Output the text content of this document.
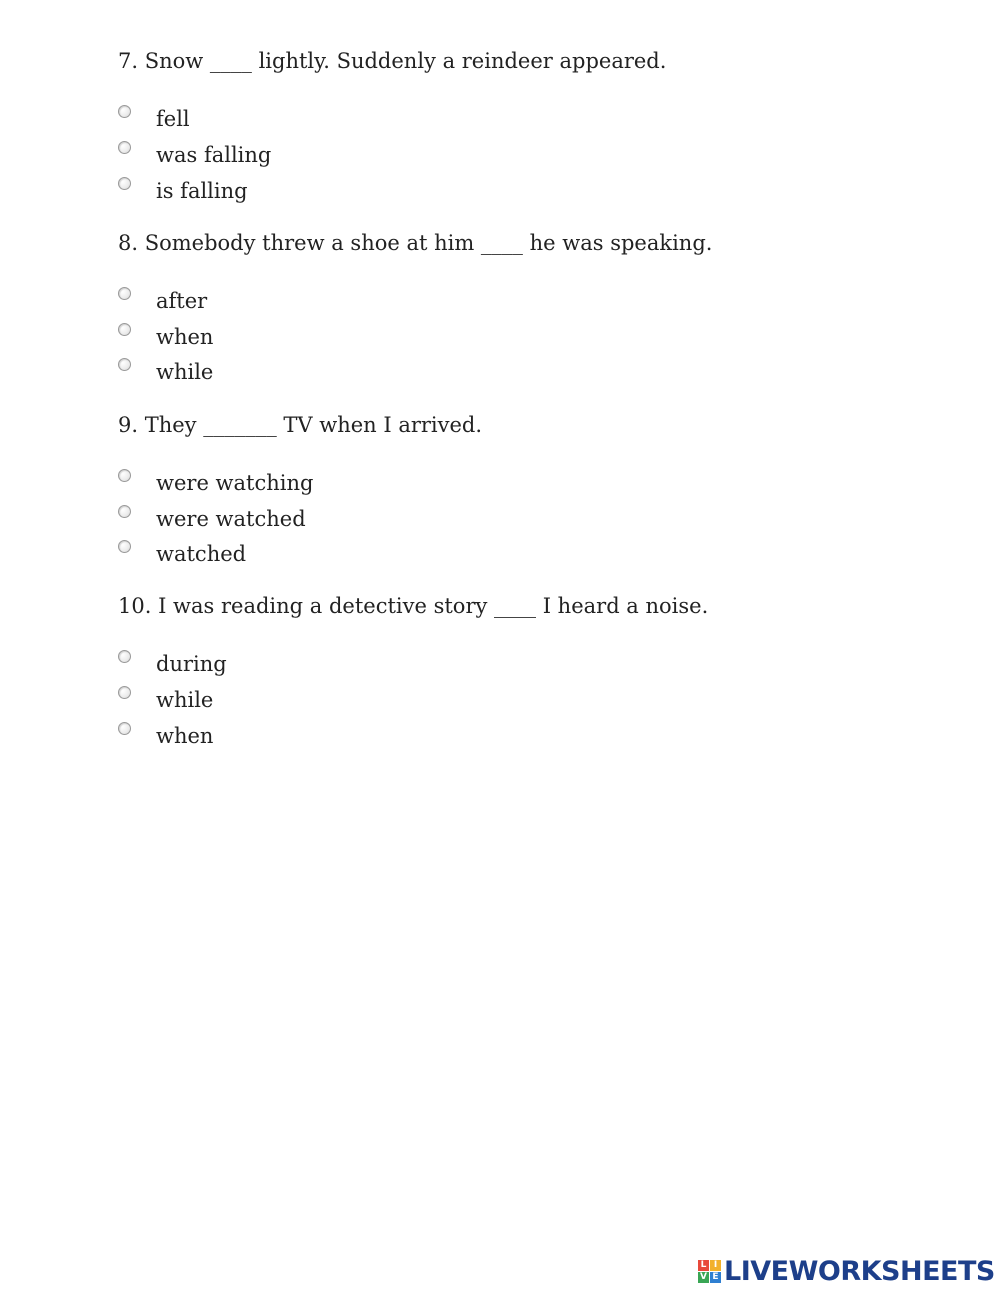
7. Snow ____ lightly. Suddenly a reindeer appeared.
fell
was falling
is falling
8. Somebody threw a shoe at him ____ he was speaking.
after
when
while
9. They _______ TV when I arrived.
were watching
were watched
watched
10. I was reading a detective story ____ I heard a noise.
during
while
when
L I
V E LIVEWORKSHEETS
